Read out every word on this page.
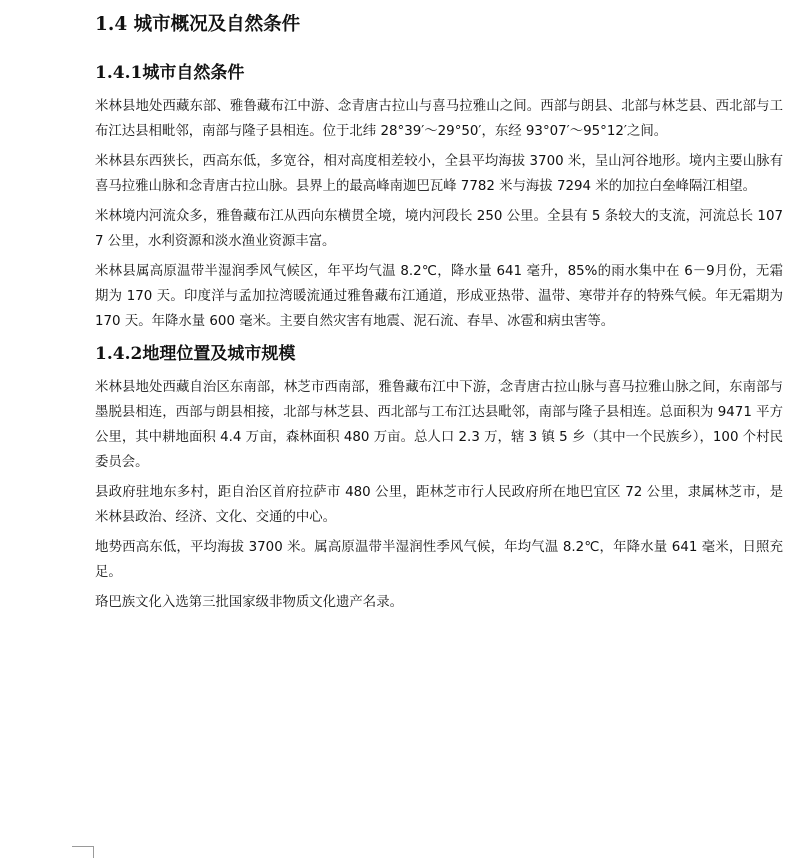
1.4 城市概况及自然条件
1.4.1城市自然条件

米林县地处西藏东部、雅鲁藏布江中游、念青唐古拉山与喜马拉雅山之间。西部与朗县、北部与林芝县、西北部与工布江达县相毗邻，南部与隆子县相连。位于北纬 28°39′～29°50′，东经 93°07′～95°12′之间。

米林县东西狭长，西高东低，多宽谷，相对高度相差较小，全县平均海拔 3700 米，呈山河谷地形。境内主要山脉有喜马拉雅山脉和念青唐古拉山脉。县界上的最高峰南迦巴瓦峰 7782 米与海拔 7294 米的加拉白垒峰隔江相望。

米林境内河流众多，雅鲁藏布江从西向东横贯全境，境内河段长 250 公里。全县有 5 条较大的支流，河流总长 1077 公里，水利资源和淡水渔业资源丰富。

米林县属高原温带半湿润季风气候区，年平均气温 8.2℃，降水量 641 毫升，85%的雨水集中在 6－9月份，无霜期为 170 天。印度洋与孟加拉湾暖流通过雅鲁藏布江通道，形成亚热带、温带、寒带并存的特殊气候。年无霜期为 170 天。年降水量 600 毫米。主要自然灾害有地震、泥石流、春旱、冰雹和病虫害等。

1.4.2地理位置及城市规模

米林县地处西藏自治区东南部，林芝市西南部，雅鲁藏布江中下游，念青唐古拉山脉与喜马拉雅山脉之间，东南部与墨脱县相连，西部与朗县相接，北部与林芝县、西北部与工布江达县毗邻，南部与隆子县相连。总面积为 9471 平方公里，其中耕地面积 4.4 万亩，森林面积 480 万亩。总人口 2.3 万，辖 3 镇 5 乡（其中一个民族乡），100 个村民委员会。

县政府驻地东多村，距自治区首府拉萨市 480 公里，距林芝市行人民政府所在地巴宜区 72 公里，隶属林芝市，是米林县政治、经济、文化、交通的中心。

地势西高东低，平均海拔 3700 米。属高原温带半湿润性季风气候，年均气温 8.2℃，年降水量 641 毫米，日照充足。

珞巴族文化入选第三批国家级非物质文化遗产名录。
